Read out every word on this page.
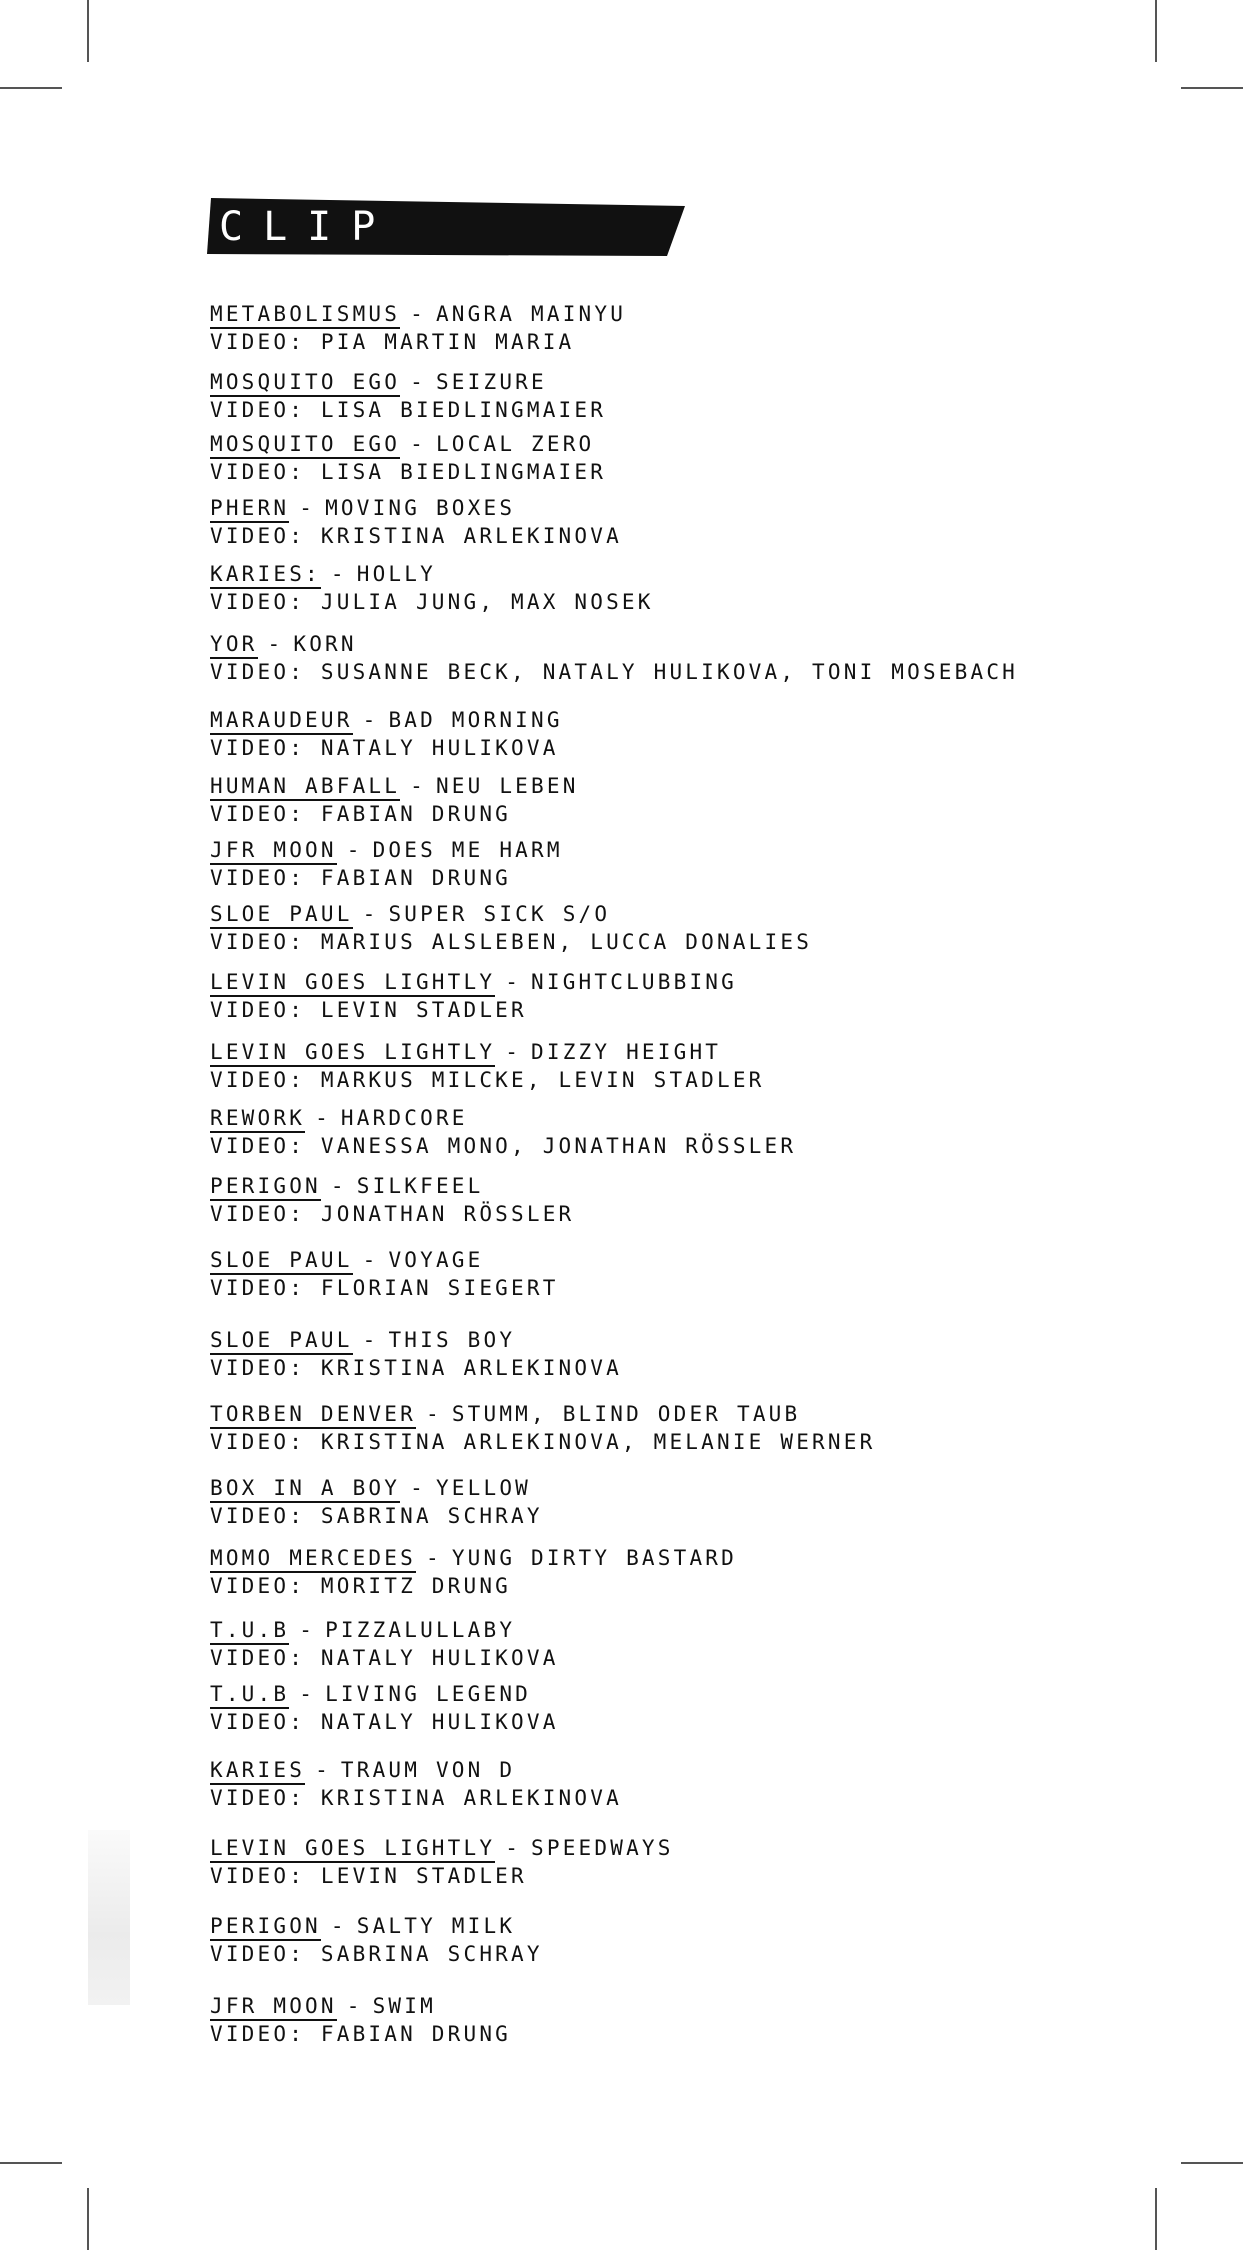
CLIP CLIQUE
METABOLISMUS - ANGRA MAINYU
VIDEO: PIA MARTIN MARIA
MOSQUITO EGO - SEIZURE
VIDEO: LISA BIEDLINGMAIER
MOSQUITO EGO - LOCAL ZERO
VIDEO: LISA BIEDLINGMAIER
PHERN - MOVING BOXES
VIDEO: KRISTINA ARLEKINOVA
KARIES: - HOLLY
VIDEO: JULIA JUNG, MAX NOSEK
YOR - KORN
VIDEO: SUSANNE BECK, NATALY HULIKOVA, TONI MOSEBACH
MARAUDEUR - BAD MORNING
VIDEO: NATALY HULIKOVA
HUMAN ABFALL - NEU LEBEN
VIDEO: FABIAN DRUNG
JFR MOON - DOES ME HARM
VIDEO: FABIAN DRUNG
SLOE PAUL - SUPER SICK S/O
VIDEO: MARIUS ALSLEBEN, LUCCA DONALIES
LEVIN GOES LIGHTLY - NIGHTCLUBBING
VIDEO: LEVIN STADLER
LEVIN GOES LIGHTLY - DIZZY HEIGHT
VIDEO: MARKUS MILCKE, LEVIN STADLER
REWORK - HARDCORE
VIDEO: VANESSA MONO, JONATHAN RÖSSLER
PERIGON - SILKFEEL
VIDEO: JONATHAN RÖSSLER
SLOE PAUL - VOYAGE
VIDEO: FLORIAN SIEGERT
SLOE PAUL - THIS BOY
VIDEO: KRISTINA ARLEKINOVA
TORBEN DENVER - STUMM, BLIND ODER TAUB
VIDEO: KRISTINA ARLEKINOVA, MELANIE WERNER
BOX IN A BOY - YELLOW
VIDEO: SABRINA SCHRAY
MOMO MERCEDES - YUNG DIRTY BASTARD
VIDEO: MORITZ DRUNG
T.U.B - PIZZALULLABY
VIDEO: NATALY HULIKOVA
T.U.B - LIVING LEGEND
VIDEO: NATALY HULIKOVA
KARIES - TRAUM VON D
VIDEO: KRISTINA ARLEKINOVA
LEVIN GOES LIGHTLY - SPEEDWAYS
VIDEO: LEVIN STADLER
PERIGON - SALTY MILK
VIDEO: SABRINA SCHRAY
JFR MOON - SWIM
VIDEO: FABIAN DRUNG
